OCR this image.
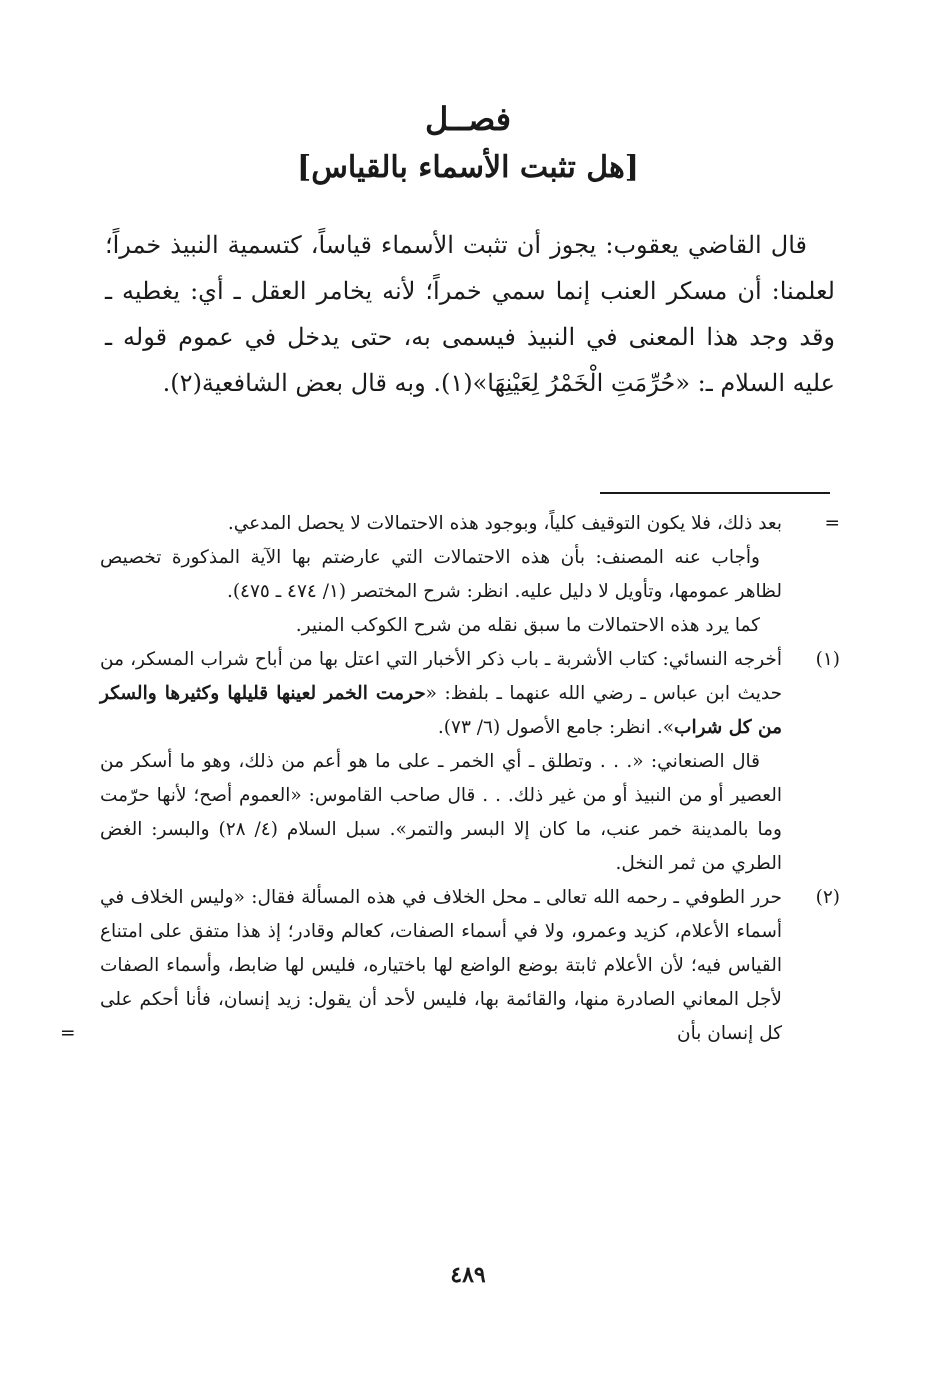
فصــل
[هل تثبت الأسماء بالقياس]

قال القاضي يعقوب: يجوز أن تثبت الأسماء قياساً، كتسمية النبيذ خمراً؛ لعلمنا: أن مسكر العنب إنما سمي خمراً؛ لأنه يخامر العقل ـ أي: يغطيه ـ وقد وجد هذا المعنى في النبيذ فيسمى به، حتى يدخل في عموم قوله ـ عليه السلام ـ: «حُرِّمَتِ الْخَمْرُ لِعَيْنِهَا»(١). وبه قال بعض الشافعية(٢).

=
بعد ذلك، فلا يكون التوقيف كلياً، وبوجود هذه الاحتمالات لا يحصل المدعي.

وأجاب عنه المصنف: بأن هذه الاحتمالات التي عارضتم بها الآية المذكورة تخصيص لظاهر عمومها، وتأويل لا دليل عليه. انظر: شرح المختصر (١/ ٤٧٤ ـ ٤٧٥).

كما يرد هذه الاحتمالات ما سبق نقله من شرح الكوكب المنير.

(١)
أخرجه النسائي: كتاب الأشربة ـ باب ذكر الأخبار التي اعتل بها من أباح شراب المسكر، من حديث ابن عباس ـ رضي الله عنهما ـ بلفظ: «حرمت الخمر لعينها قليلها وكثيرها والسكر من كل شراب». انظر: جامع الأصول (٦/ ٧٣).

قال الصنعاني: «. . . وتطلق ـ أي الخمر ـ على ما هو أعم من ذلك، وهو ما أسكر من العصير أو من النبيذ أو من غير ذلك. . . قال صاحب القاموس: «العموم أصح؛ لأنها حرّمت وما بالمدينة خمر عنب، ما كان إلا البسر والتمر». سبل السلام (٤/ ٢٨) والبسر: الغض الطري من ثمر النخل.

(٢)
حرر الطوفي ـ رحمه الله تعالى ـ محل الخلاف في هذه المسألة فقال: «وليس الخلاف في أسماء الأعلام، كزيد وعمرو، ولا في أسماء الصفات، كعالم وقادر؛ إذ هذا متفق على امتناع القياس فيه؛ لأن الأعلام ثابتة بوضع الواضع لها باختياره، فليس لها ضابط، وأسماء الصفات لأجل المعاني الصادرة منها، والقائمة بها، فليس لأحد أن يقول: زيد إنسان، فأنا أحكم على كل إنسان بأن
=

٤٨٩
